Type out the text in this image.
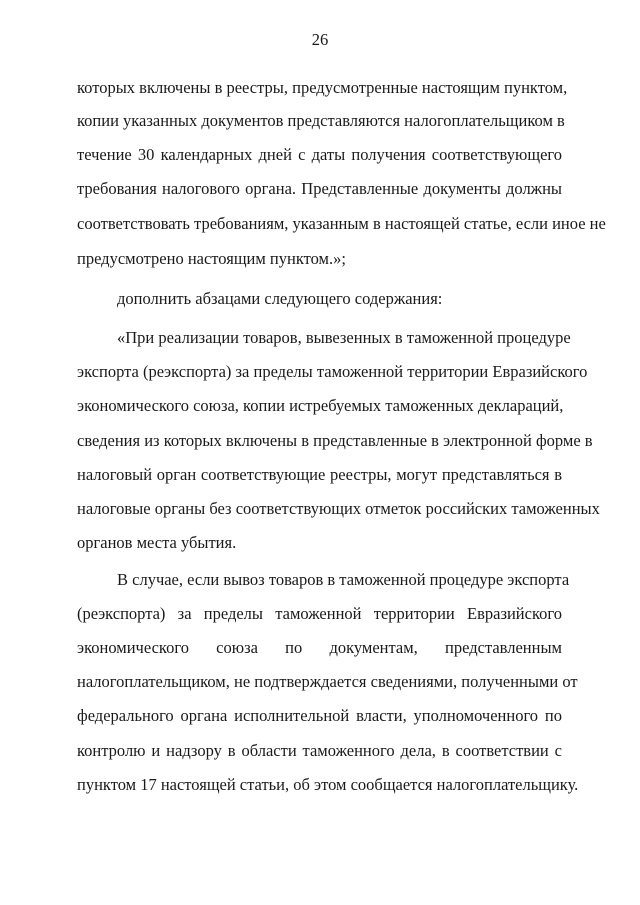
26
которых включены в реестры, предусмотренные настоящим пунктом,
копии указанных документов представляются налогоплательщиком в
течение 30 календарных дней с даты получения соответствующего
требования налогового органа. Представленные документы должны
соответствовать требованиям, указанным в настоящей статье, если иное не
предусмотрено настоящим пунктом.»;
дополнить абзацами следующего содержания:
«При реализации товаров, вывезенных в таможенной процедуре
экспорта (реэкспорта) за пределы таможенной территории Евразийского
экономического союза, копии истребуемых таможенных деклараций,
сведения из которых включены в представленные в электронной форме в
налоговый орган соответствующие реестры, могут представляться в
налоговые органы без соответствующих отметок российских таможенных
органов места убытия.
В случае, если вывоз товаров в таможенной процедуре экспорта
(реэкспорта) за пределы таможенной территории Евразийского
экономического союза по документам, представленным
налогоплательщиком, не подтверждается сведениями, полученными от
федерального органа исполнительной власти, уполномоченного по
контролю и надзору в области таможенного дела, в соответствии с
пунктом 17 настоящей статьи, об этом сообщается налогоплательщику.
